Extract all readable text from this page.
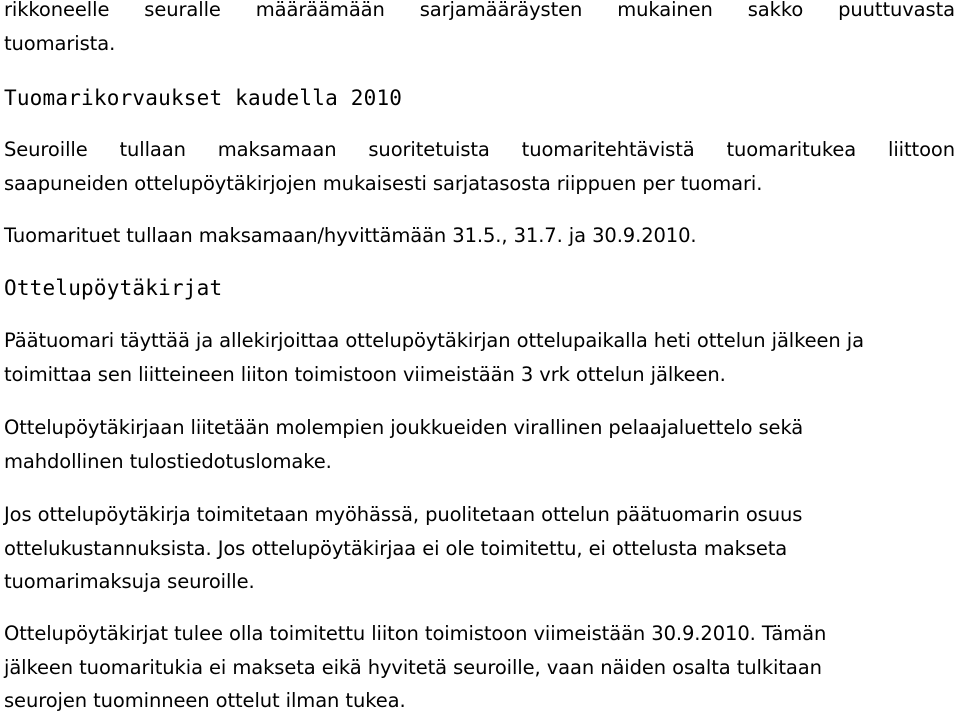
rikkoneelle seuralle määräämään sarjamääräysten mukainen sakko puuttuvasta
tuomarista.
Tuomarikorvaukset kaudella 2010
Seuroille tullaan maksamaan suoritetuista tuomaritehtävistä tuomaritukea liittoon
saapuneiden ottelupöytäkirjojen mukaisesti sarjatasosta riippuen per tuomari.
Tuomarituet tullaan maksamaan/hyvittämään 31.5., 31.7. ja 30.9.2010.
Ottelupöytäkirjat
Päätuomari täyttää ja allekirjoittaa ottelupöytäkirjan ottelupaikalla heti ottelun jälkeen ja
toimittaa sen liitteineen liiton toimistoon viimeistään 3 vrk ottelun jälkeen.
Ottelupöytäkirjaan liitetään molempien joukkueiden virallinen pelaajaluettelo sekä
mahdollinen tulostiedotuslomake.
Jos ottelupöytäkirja toimitetaan myöhässä, puolitetaan ottelun päätuomarin osuus
ottelukustannuksista. Jos ottelupöytäkirjaa ei ole toimitettu, ei ottelusta makseta
tuomarimaksuja seuroille.
Ottelupöytäkirjat tulee olla toimitettu liiton toimistoon viimeistään 30.9.2010. Tämän
jälkeen tuomaritukia ei makseta eikä hyvitetä seuroille, vaan näiden osalta tulkitaan
seurojen tuominneen ottelut ilman tukea.
